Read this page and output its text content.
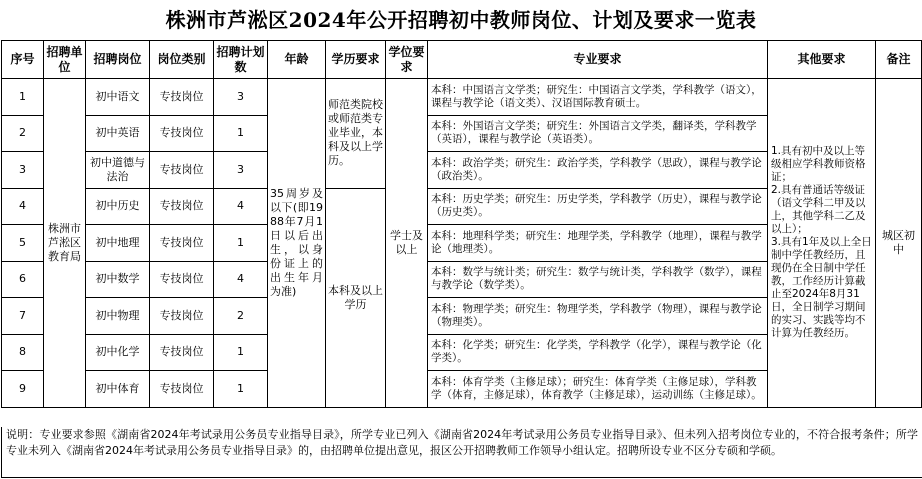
株洲市芦淞区2024年公开招聘初中教师岗位、计划及要求一览表
序号	招聘单位	招聘岗位	岗位类别	招聘计划数	年龄	学历要求	学位要求	专业要求	其他要求	备注
1	株洲市芦淞区教育局	初中语文	专技岗位	3	35周岁及以下(即1988年7月1日以后出生，以身份证上的出生年月为准)	师范类院校或师范类专业毕业，本科及以上学历。	学士及以上	本科：中国语言文学类；研究生：中国语言文学类，学科教学（语文），课程与教学论（语文类）、汉语国际教育硕士。	1.具有初中及以上等级相应学科教师资格证；
2.具有普通话等级证（语文学科二甲及以上，其他学科二乙及以上）；
3.具有1年及以上全日制中学任教经历，且现仍在全日制中学任教，工作经历计算截止至2024年8月31日，全日制学习期间的实习、实践等均不计算为任教经历。	城区初中
2		初中英语	专技岗位	1				本科：外国语言文学类；研究生：外国语言文学类，翻译类，学科教学（英语），课程与教学论（英语类）。		
3		初中道德与法治	专技岗位	3				本科：政治学类；研究生：政治学类，学科教学（思政），课程与教学论（政治类）。		
4		初中历史	专技岗位	4		本科及以上学历		本科：历史学类；研究生：历史学类，学科教学（历史），课程与教学论（历史类）。		
5		初中地理	专技岗位	1				本科：地理科学类；研究生：地理学类，学科教学（地理），课程与教学论（地理类）。		
6		初中数学	专技岗位	4				本科：数学与统计类；研究生：数学与统计类，学科教学（数学），课程与教学论（数学类）。		
7		初中物理	专技岗位	2				本科：物理学类；研究生：物理学类，学科教学（物理），课程与教学论（物理类）。		
8		初中化学	专技岗位	1				本科：化学类；研究生：化学类，学科教学（化学），课程与教学论（化学类）。		
9		初中体育	专技岗位	1				本科：体育学类（主修足球）；研究生：体育学类（主修足球），学科教学（体育，主修足球），体育教学（主修足球），运动训练（主修足球）。		
说明：专业要求参照《湖南省2024年考试录用公务员专业指导目录》，所学专业已列入《湖南省2024年考试录用公务员专业指导目录》、但未列入招考岗位专业的，不符合报考条件；所学专业未列入《湖南省2024年考试录用公务员专业指导目录》的，由招聘单位提出意见，报区公开招聘教师工作领导小组认定。招聘所设专业不区分专硕和学硕。
